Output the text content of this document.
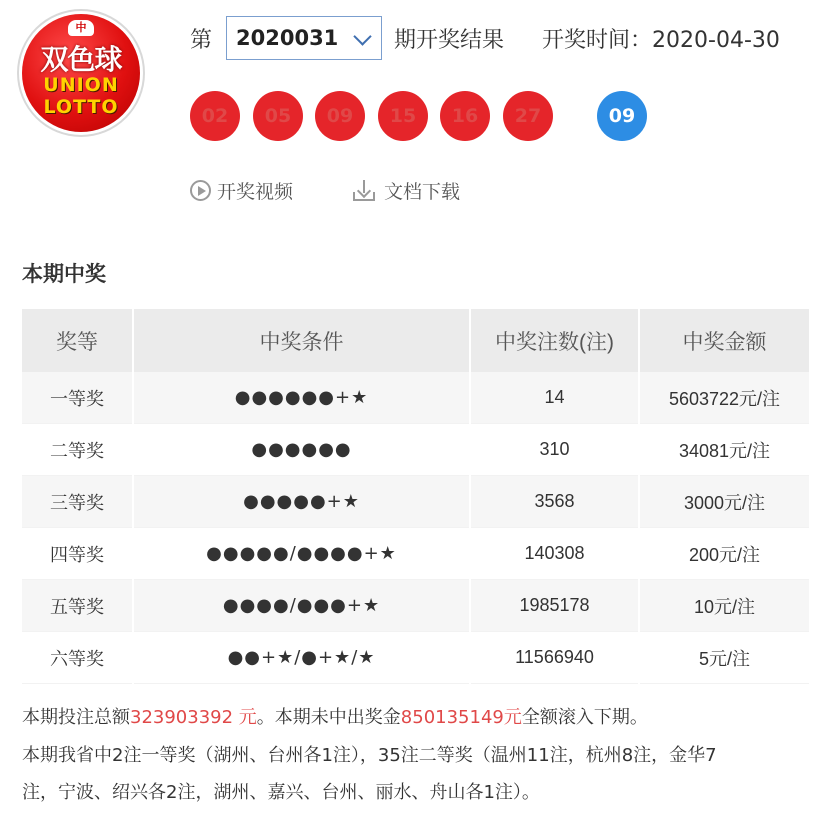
中
双色球
UNION
LOTTO
第 2020031	期开奖结果 开奖时间：2020-04-30
02	05	09	15	16	27	09
开奖视频	文档下载
本期中奖
奖等	中奖条件	中奖注数(注)	中奖金额
一等奖	●●●●●●+★	14	5603722元/注
二等奖	●●●●●●	310	34081元/注
三等奖	●●●●●+★	3568	3000元/注
四等奖	●●●●●/●●●●+★	140308	200元/注
五等奖	●●●●/●●●+★	1985178	10元/注
六等奖	●●+★/●+★/★	11566940	5元/注
本期投注总额323903392 元。本期未中出奖金850135149元全额滚入下期。
本期我省中2注一等奖（湖州、台州各1注），35注二等奖（温州11注，杭州8注，金华7
注，宁波、绍兴各2注，湖州、嘉兴、台州、丽水、舟山各1注）。
